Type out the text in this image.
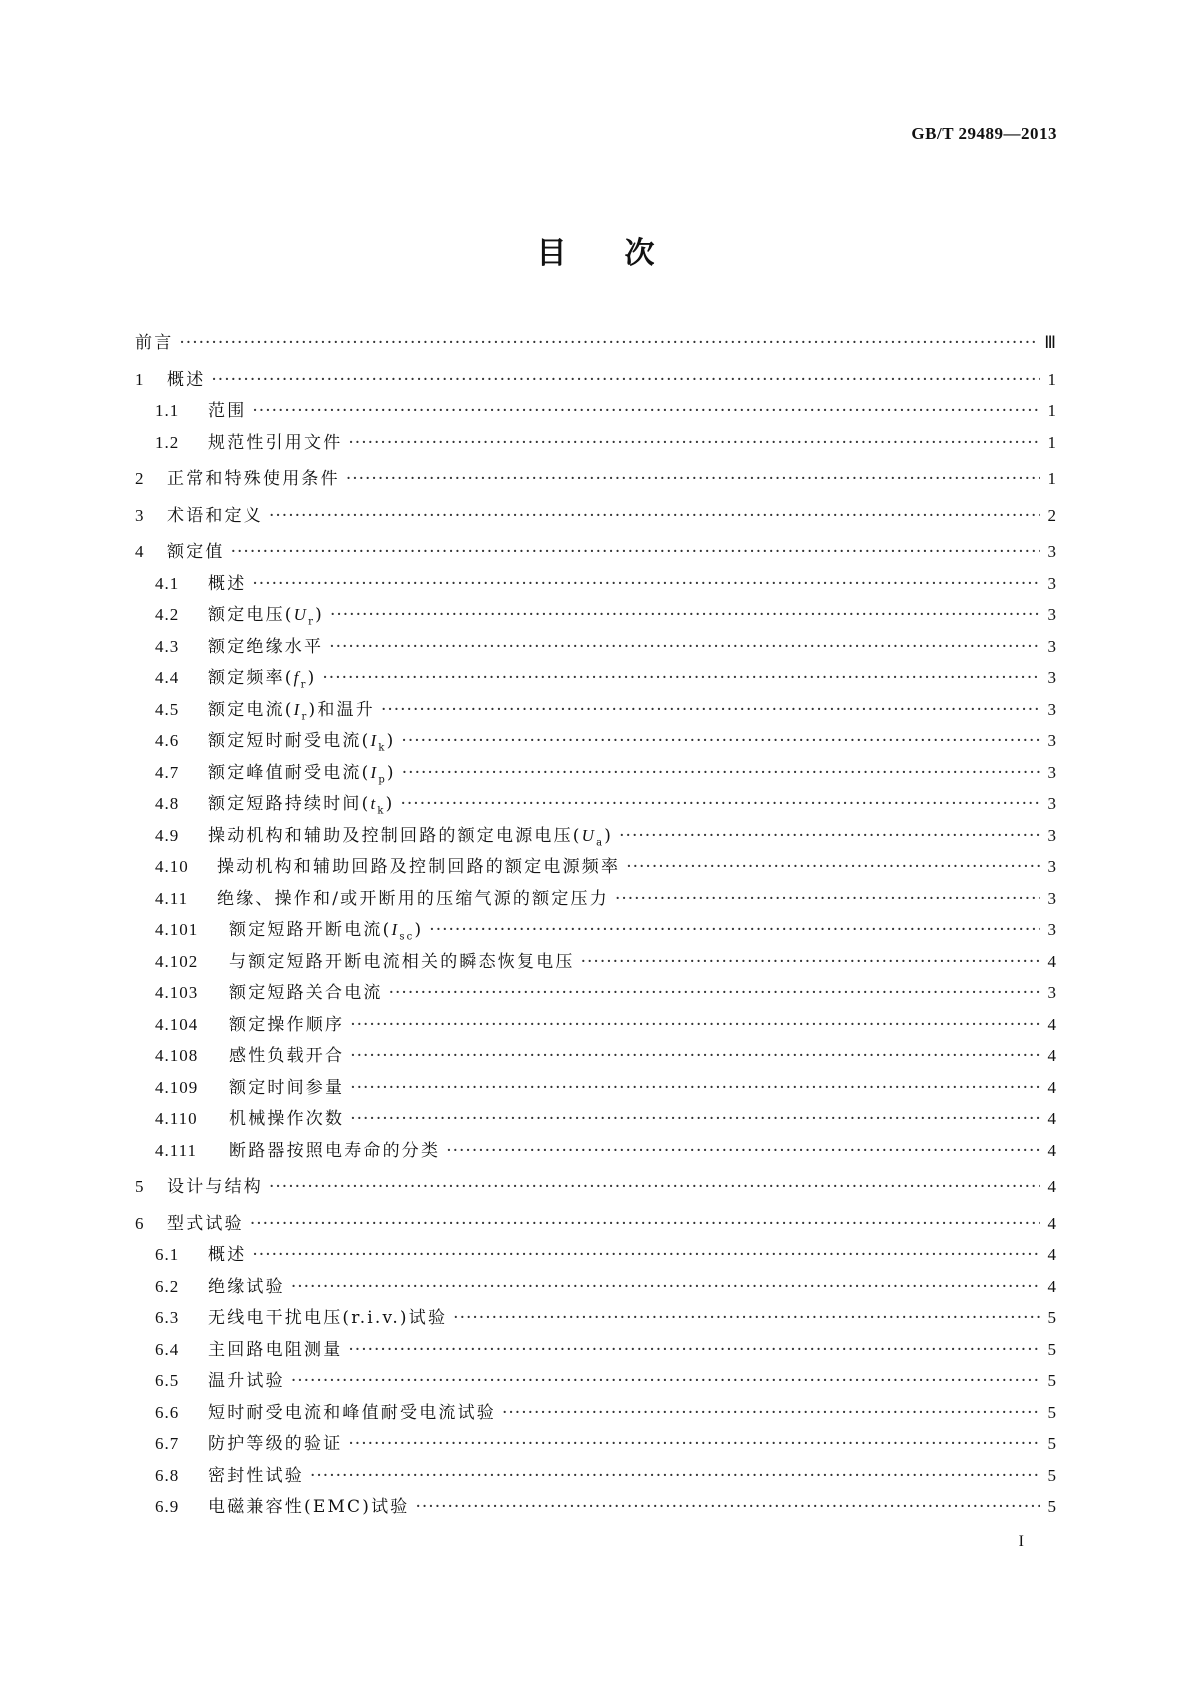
GB/T 29489—2013
目次
前言 ·····	Ⅲ
1	概述 ·····	1
1.1	范围 ·····	1
1.2	规范性引用文件 ·····	1
2	正常和特殊使用条件 ·····	1
3	术语和定义 ·····	2
4	额定值 ·····	3
4.1	概述 ·····	3
4.2	额定电压$(U_r)$ ·····	3
4.3	额定绝缘水平 ·····	3
4.4	额定频率$(f_r)$ ·····	3
4.5	额定电流$(I_r)$和温升 ·····	3
4.6	额定短时耐受电流$(I_k)$ ·····	3
4.7	额定峰值耐受电流$(I_p)$ ·····	3
4.8	额定短路持续时间$(t_k)$ ·····	3
4.9	操动机构和辅助及控制回路的额定电源电压$(U_a)$ ·····	3
4.10	操动机构和辅助回路及控制回路的额定电源频率 ·····	3
4.11	绝缘、操作和/或开断用的压缩气源的额定压力 ·····	3
4.101	额定短路开断电流$(I_{sc})$ ·····	3
4.102	与额定短路开断电流相关的瞬态恢复电压 ·····	4
4.103	额定短路关合电流 ·····	3
4.104	额定操作顺序 ·····	4
4.108	感性负载开合 ·····	4
4.109	额定时间参量 ·····	4
4.110	机械操作次数 ·····	4
4.111	断路器按照电寿命的分类 ·····	4
5	设计与结构 ·····	4
6	型式试验 ·····	4
6.1	概述 ·····	4
6.2	绝缘试验 ·····	4
6.3	无线电干扰电压(r.i.v.)试验 ·····	5
6.4	主回路电阻测量 ·····	5
6.5	温升试验 ·····	5
6.6	短时耐受电流和峰值耐受电流试验 ·····	5
6.7	防护等级的验证 ·····	5
6.8	密封性试验 ·····	5
6.9	电磁兼容性(EMC)试验 ·····	5
I
